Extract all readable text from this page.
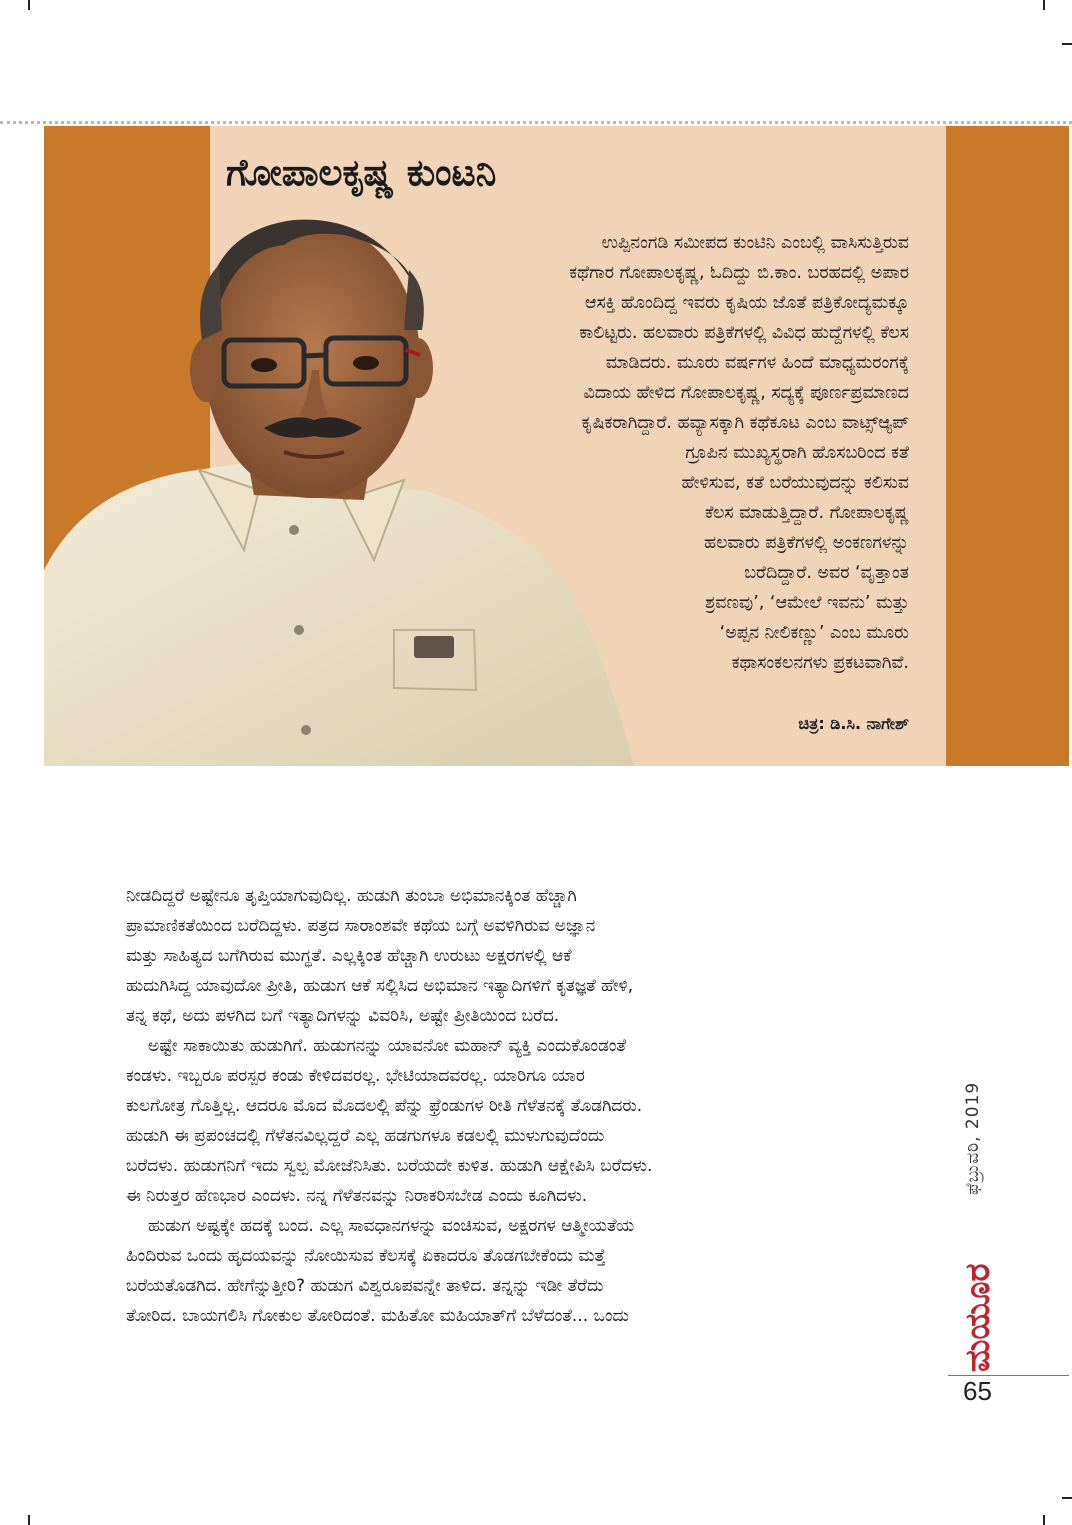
ಗೋಪಾಲಕೃಷ್ಣ ಕುಂಟನಿ
ಉಪ್ಪಿನಂಗಡಿ ಸಮೀಪದ ಕುಂಟಿನಿ ಎಂಬಲ್ಲಿ ವಾಸಿಸುತ್ತಿರುವ
ಕಥೆಗಾರ ಗೋಪಾಲಕೃಷ್ಣ, ಓದಿದ್ದು ಬಿ.ಕಾಂ. ಬರಹದಲ್ಲಿ ಅಪಾರ
ಆಸಕ್ತಿ ಹೊಂದಿದ್ದ ಇವರು ಕೃಷಿಯ ಜೊತೆ ಪತ್ರಿಕೋದ್ಯಮಕ್ಕೂ
ಕಾಲಿಟ್ಟರು. ಹಲವಾರು ಪತ್ರಿಕೆಗಳಲ್ಲಿ ವಿವಿಧ ಹುದ್ದೆಗಳಲ್ಲಿ ಕೆಲಸ
ಮಾಡಿದರು. ಮೂರು ವರ್ಷಗಳ ಹಿಂದೆ ಮಾಧ್ಯಮರಂಗಕ್ಕೆ
ವಿದಾಯ ಹೇಳಿದ ಗೋಪಾಲಕೃಷ್ಣ, ಸದ್ಯಕ್ಕೆ ಪೂರ್ಣಪ್ರಮಾಣದ
ಕೃಷಿಕರಾಗಿದ್ದಾರೆ. ಹವ್ಯಾಸಕ್ಕಾಗಿ ಕಥೆಕೂಟ ಎಂಬ ವಾಟ್ಸ್‌ಆ್ಯಪ್
ಗ್ರೂಪಿನ ಮುಖ್ಯಸ್ಥರಾಗಿ ಹೊಸಬರಿಂದ ಕತೆ
ಹೇಳಿಸುವ, ಕತೆ ಬರೆಯುವುದನ್ನು ಕಲಿಸುವ
ಕೆಲಸ ಮಾಡುತ್ತಿದ್ದಾರೆ. ಗೋಪಾಲಕೃಷ್ಣ
ಹಲವಾರು ಪತ್ರಿಕೆಗಳಲ್ಲಿ ಅಂಕಣಗಳನ್ನು
ಬರೆದಿದ್ದಾರೆ. ಅವರ ‘ವೃತ್ತಾಂತ
ಶ್ರವಣವು’, ‘ಆಮೇಲೆ ಇವನು’ ಮತ್ತು
‘ಅಪ್ಪನ ನೀಲಿಕಣ್ಣು’ ಎಂಬ ಮೂರು
ಕಥಾಸಂಕಲನಗಳು ಪ್ರಕಟವಾಗಿವೆ.
ಚಿತ್ರ: ಡಿ.ಸಿ. ನಾಗೇಶ್
ನೀಡದಿದ್ದರೆ ಅಷ್ಟೇನೂ ತೃಪ್ತಿಯಾಗುವುದಿಲ್ಲ. ಹುಡುಗಿ ತುಂಬಾ ಅಭಿಮಾನಕ್ಕಿಂತ ಹೆಚ್ಚಾಗಿ
ಪ್ರಾಮಾಣಿಕತೆಯಿಂದ ಬರೆದಿದ್ದಳು. ಪತ್ರದ ಸಾರಾಂಶವೇ ಕಥೆಯ ಬಗ್ಗೆ ಅವಳಿಗಿರುವ ಅಜ್ಞಾನ
ಮತ್ತು ಸಾಹಿತ್ಯದ ಬಗೆಗಿರುವ ಮುಗ್ಧತೆ. ಎಲ್ಲಕ್ಕಿಂತ ಹೆಚ್ಚಾಗಿ ಉರುಟು ಅಕ್ಷರಗಳಲ್ಲಿ ಆಕೆ
ಹುದುಗಿಸಿದ್ದ ಯಾವುದೋ ಪ್ರೀತಿ, ಹುಡುಗ ಆಕೆ ಸಲ್ಲಿಸಿದ ಅಭಿಮಾನ ಇತ್ಯಾದಿಗಳಿಗೆ ಕೃತಜ್ಞತೆ ಹೇಳಿ,
ತನ್ನ ಕಥೆ, ಅದು ಪಳಗಿದ ಬಗೆ ಇತ್ಯಾದಿಗಳನ್ನು ವಿವರಿಸಿ, ಅಷ್ಟೇ ಪ್ರೀತಿಯಿಂದ ಬರೆದ.
ಅಷ್ಟೇ ಸಾಕಾಯಿತು ಹುಡುಗಿಗೆ. ಹುಡುಗನನ್ನು ಯಾವನೋ ಮಹಾನ್ ವ್ಯಕ್ತಿ ಎಂದುಕೊಂಡಂತೆ
ಕಂಡಳು. ಇಬ್ಬರೂ ಪರಸ್ಪರ ಕಂಡು ಕೇಳಿದವರಲ್ಲ. ಭೇಟಿಯಾದವರಲ್ಲ. ಯಾರಿಗೂ ಯಾರ
ಕುಲಗೋತ್ರ ಗೊತ್ತಿಲ್ಲ. ಆದರೂ ಮೊದ ಮೊದಲಲ್ಲಿ ಪೆನ್ನು ಫ್ರೆಂಡುಗಳ ರೀತಿ ಗೆಳೆತನಕ್ಕೆ ತೊಡಗಿದರು.
ಹುಡುಗಿ ಈ ಪ್ರಪಂಚದಲ್ಲಿ ಗೆಳೆತನವಿಲ್ಲದ್ದರೆ ಎಲ್ಲ ಹಡಗುಗಳೂ ಕಡಲಲ್ಲಿ ಮುಳುಗುವುದೆಂದು
ಬರೆದಳು. ಹುಡುಗನಿಗೆ ಇದು ಸ್ವಲ್ಪ ಮೋಜೆನಿಸಿತು. ಬರೆಯದೇ ಕುಳಿತ. ಹುಡುಗಿ ಆಕ್ಷೇಪಿಸಿ ಬರೆದಳು.
ಈ ನಿರುತ್ತರ ಹೆಣಭಾರ ಎಂದಳು. ನನ್ನ ಗೆಳೆತನವನ್ನು ನಿರಾಕರಿಸಬೇಡ ಎಂದು ಕೂಗಿದಳು.
ಹುಡುಗ ಅಷ್ಟಕ್ಕೇ ಹದಕ್ಕೆ ಬಂದ. ಎಲ್ಲ ಸಾವಧಾನಗಳನ್ನು ವಂಚಿಸುವ, ಅಕ್ಷರಗಳ ಆತ್ಮೀಯತೆಯ
ಹಿಂದಿರುವ ಒಂದು ಹೃದಯವನ್ನು ನೋಯಿಸುವ ಕೆಲಸಕ್ಕೆ ಏಕಾದರೂ ತೊಡಗಬೇಕೆಂದು ಮತ್ತೆ
ಬರೆಯತೊಡಗಿದ. ಹೇಗೆನ್ನುತ್ತೀರಿ? ಹುಡುಗ ವಿಶ್ವರೂಪವನ್ನೇ ತಾಳಿದ. ತನ್ನನ್ನು ಇಡೀ ತೆರೆದು
ತೋರಿದ. ಬಾಯಗಲಿಸಿ ಗೋಕುಲ ತೋರಿದಂತೆ. ಮಹಿತೋ ಮಹಿಯಾತ್‌ಗೆ ಬೆಳೆದಂತೆ... ಒಂದು
ಫೆಬ್ರುವರಿ, 2019
ಮಯೂರ
65
